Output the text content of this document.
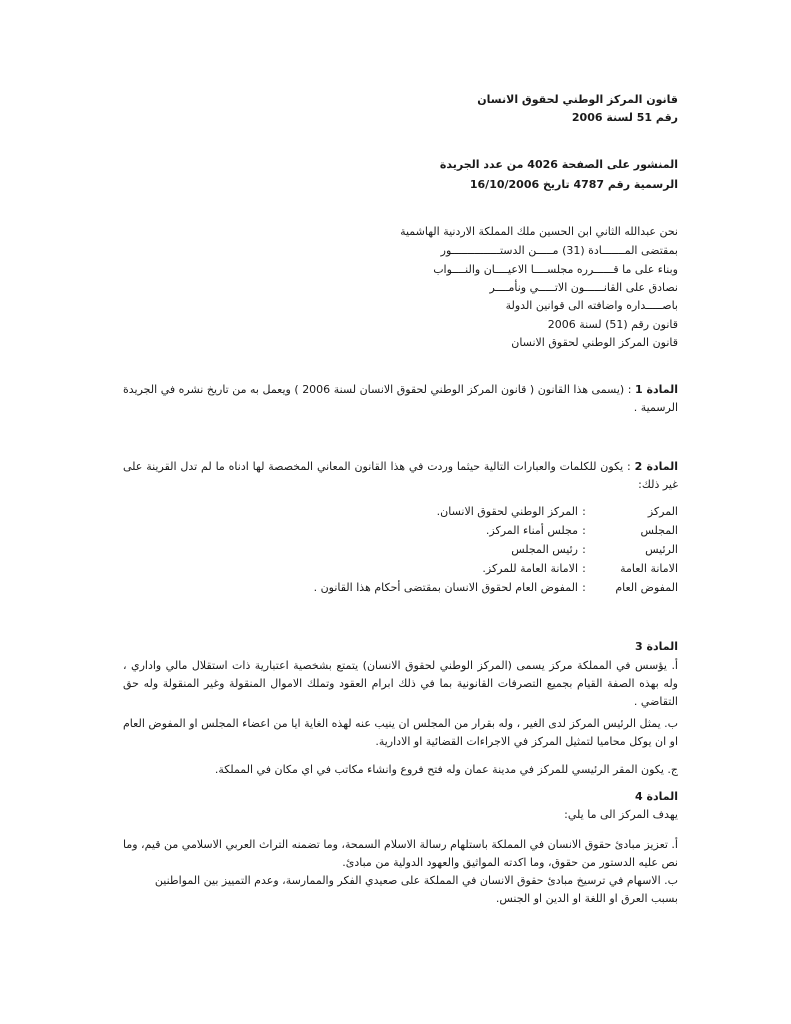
قانون المركز الوطني لحقوق الانسان
رقم 51 لسنة 2006
المنشور على الصفحة 4026 من عدد الجريدة
الرسمية رقم 4787 تاريخ 16/10/2006
نحن عبدالله الثاني ابن الحسين ملك المملكة الاردنية الهاشمية
بمقتضى المـــــــادة (31) مـــــن الدستـــــــــــــــور
وبناء على ما قــــــرره مجلســــا الاعيــــان والنــــواب
نصادق على القانــــــون الاتـــــي ونأمــــر
باصـــــداره واضافته الى قوانين الدولة
قانون رقم (51) لسنة 2006
قانون المركز الوطني لحقوق الانسان
المادة 1 : (يسمى هذا القانون ( قانون المركز الوطني لحقوق الانسان لسنة 2006 ) ويعمل به من تاريخ نشره في الجريدة الرسمية .
المادة 2 : يكون للكلمات والعبارات التالية حيثما وردت في هذا القانون المعاني المخصصة لها ادناه ما لم تدل القرينة على غير ذلك:
المركز:المركز الوطني لحقوق الانسان.
المجلس:مجلس أمناء المركز.
الرئيس:رئيس المجلس
الامانة العامة:الامانة العامة للمركز.
المفوض العام:المفوض العام لحقوق الانسان بمقتضى أحكام هذا القانون .
المادة 3
أ. يؤسس في المملكة مركز يسمى (المركز الوطني لحقوق الانسان) يتمتع بشخصية اعتبارية ذات استقلال مالي واداري ، وله بهذه الصفة القيام بجميع التصرفات القانونية بما في ذلك ابرام العقود وتملك الاموال المنقولة وغير المنقولة وله حق التقاضي .
ب. يمثل الرئيس المركز لدى الغير ، وله بقرار من المجلس ان ينيب عنه لهذه الغاية ايا من اعضاء المجلس او المفوض العام او ان يوكل محاميا لتمثيل المركز في الاجراءات القضائية او الادارية.
ج. يكون المقر الرئيسي للمركز في مدينة عمان وله فتح فروع وانشاء مكاتب في اي مكان في المملكة.
المادة 4
يهدف المركز الى ما يلي:
أ. تعزيز مبادئ حقوق الانسان في المملكة باستلهام رسالة الاسلام السمحة، وما تضمنه التراث العربي الاسلامي من قيم، وما نص عليه الدستور من حقوق، وما اكدته المواثيق والعهود الدولية من مبادئ.
ب. الاسهام في ترسيخ مبادئ حقوق الانسان في المملكة على صعيدي الفكر والممارسة، وعدم التمييز بين المواطنين
بسبب العرق او اللغة او الدين او الجنس.
